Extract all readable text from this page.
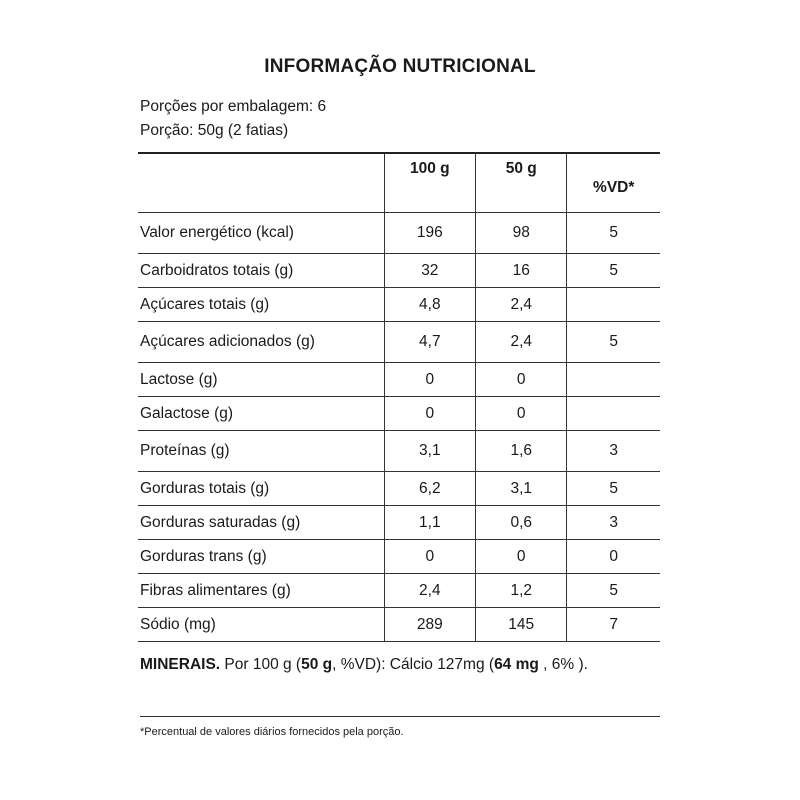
INFORMAÇÃO NUTRICIONAL
Porções por embalagem: 6
Porção: 50g (2 fatias)
	100 g	50 g	%VD*
Valor energético (kcal)	196	98	5
Carboidratos totais (g)	32	16	5
Açúcares totais (g)	4,8	2,4	
Açúcares adicionados (g)	4,7	2,4	5
Lactose (g)	0	0	
Galactose (g)	0	0	
Proteínas (g)	3,1	1,6	3
Gorduras totais (g)	6,2	3,1	5
Gorduras saturadas (g)	1,1	0,6	3
Gorduras trans (g)	0	0	0
Fibras alimentares (g)	2,4	1,2	5
Sódio (mg)	289	145	7
MINERAIS. Por 100 g (50 g, %VD): Cálcio 127mg (64 mg , 6% ).
*Percentual de valores diários fornecidos pela porção.
